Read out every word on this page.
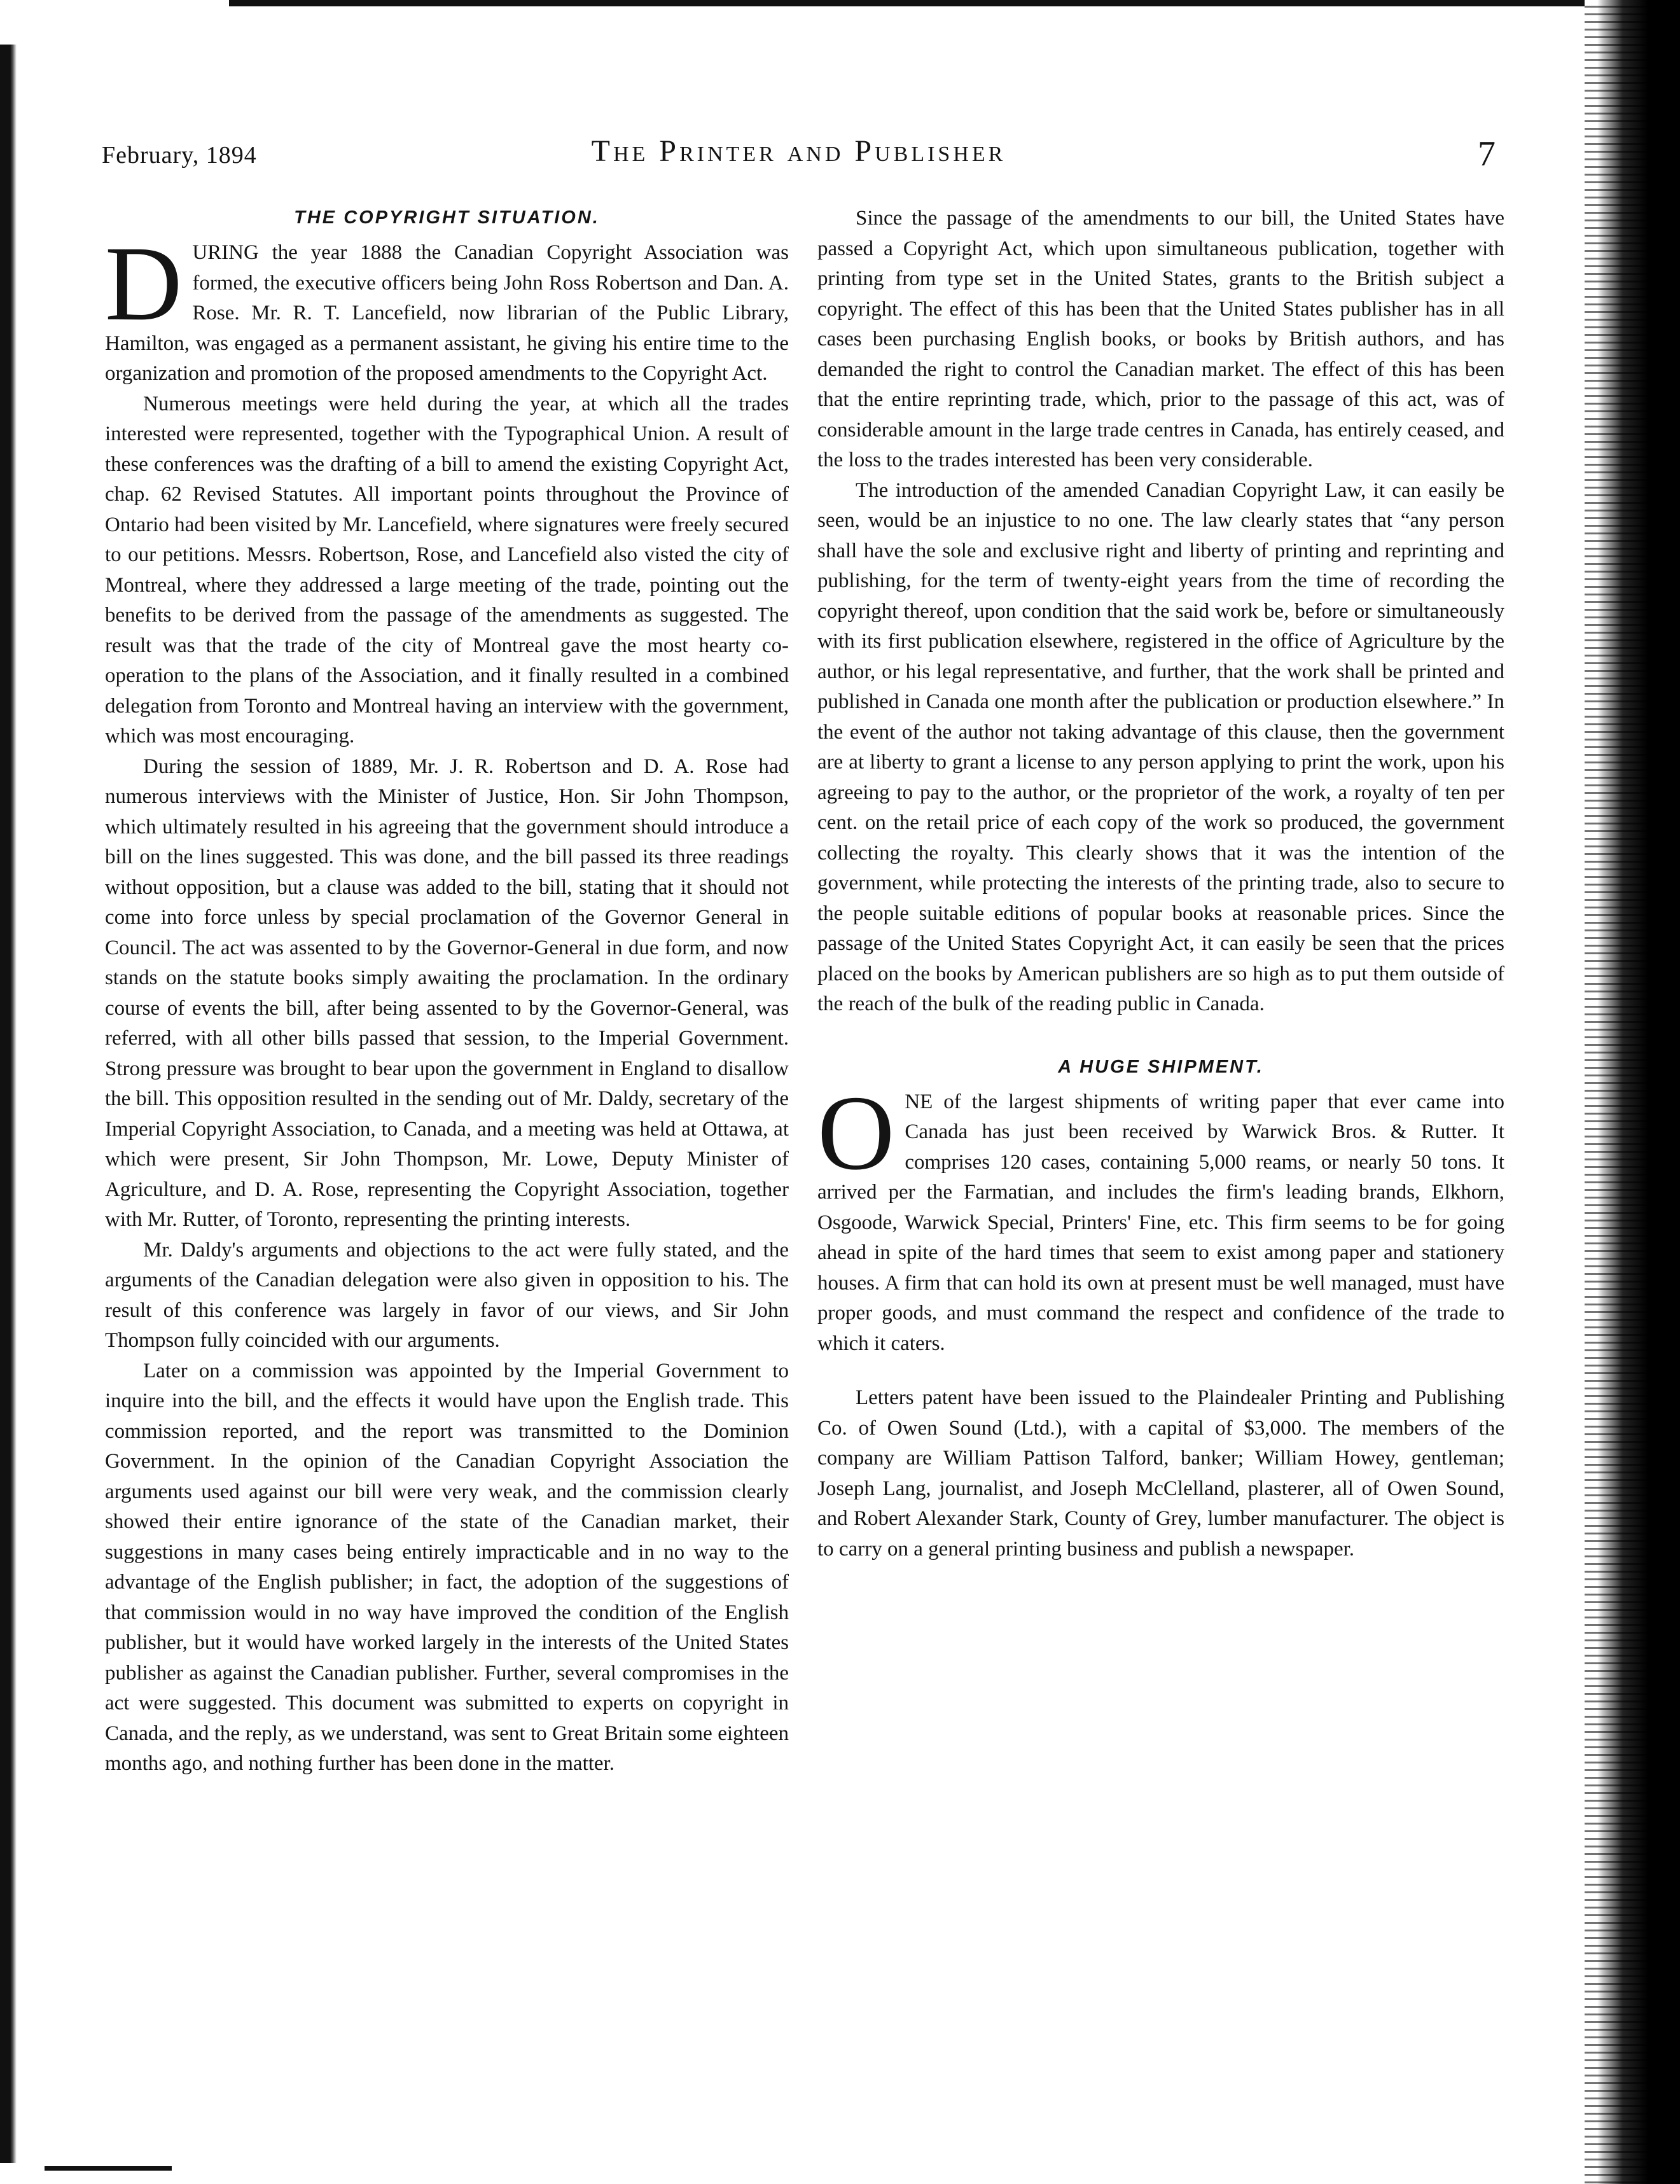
February, 1894	The Printer and Publisher	7
THE COPYRIGHT SITUATION.

DURING the year 1888 the Canadian Copyright Association was formed, the executive officers being John Ross Robertson and Dan. A. Rose. Mr. R. T. Lancefield, now librarian of the Public Library, Hamilton, was engaged as a permanent assistant, he giving his entire time to the organization and promotion of the proposed amendments to the Copyright Act.

Numerous meetings were held during the year, at which all the trades interested were represented, together with the Typographical Union. A result of these conferences was the drafting of a bill to amend the existing Copyright Act, chap. 62 Revised Statutes. All important points throughout the Province of Ontario had been visited by Mr. Lancefield, where signatures were freely secured to our petitions. Messrs. Robertson, Rose, and Lancefield also visted the city of Montreal, where they addressed a large meeting of the trade, pointing out the benefits to be derived from the passage of the amendments as suggested. The result was that the trade of the city of Montreal gave the most hearty co-operation to the plans of the Association, and it finally resulted in a combined delegation from Toronto and Montreal having an interview with the government, which was most encouraging.

During the session of 1889, Mr. J. R. Robertson and D. A. Rose had numerous interviews with the Minister of Justice, Hon. Sir John Thompson, which ultimately resulted in his agreeing that the government should introduce a bill on the lines suggested. This was done, and the bill passed its three readings without opposition, but a clause was added to the bill, stating that it should not come into force unless by special proclamation of the Governor General in Council. The act was assented to by the Governor-General in due form, and now stands on the statute books simply awaiting the proclamation. In the ordinary course of events the bill, after being assented to by the Governor-General, was referred, with all other bills passed that session, to the Imperial Government. Strong pressure was brought to bear upon the government in England to disallow the bill. This opposition resulted in the sending out of Mr. Daldy, secretary of the Imperial Copyright Association, to Canada, and a meeting was held at Ottawa, at which were present, Sir John Thompson, Mr. Lowe, Deputy Minister of Agriculture, and D. A. Rose, representing the Copyright Association, together with Mr. Rutter, of Toronto, representing the printing interests.

Mr. Daldy's arguments and objections to the act were fully stated, and the arguments of the Canadian delegation were also given in opposition to his. The result of this conference was largely in favor of our views, and Sir John Thompson fully coincided with our arguments.

Later on a commission was appointed by the Imperial Government to inquire into the bill, and the effects it would have upon the English trade. This commission reported, and the report was transmitted to the Dominion Government. In the opinion of the Canadian Copyright Association the arguments used against our bill were very weak, and the commission clearly showed their entire ignorance of the state of the Canadian market, their suggestions in many cases being entirely impracticable and in no way to the advantage of the English publisher; in fact, the adoption of the suggestions of that commission would in no way have improved the condition of the English publisher, but it would have worked largely in the interests of the United States publisher as against the Canadian publisher. Further, several compromises in the act were suggested. This document was submitted to experts on copyright in Canada, and the reply, as we understand, was sent to Great Britain some eighteen months ago, and nothing further has been done in the matter.

Since the passage of the amendments to our bill, the United States have passed a Copyright Act, which upon simultaneous publication, together with printing from type set in the United States, grants to the British subject a copyright. The effect of this has been that the United States publisher has in all cases been purchasing English books, or books by British authors, and has demanded the right to control the Canadian market. The effect of this has been that the entire reprinting trade, which, prior to the passage of this act, was of considerable amount in the large trade centres in Canada, has entirely ceased, and the loss to the trades interested has been very considerable.

The introduction of the amended Canadian Copyright Law, it can easily be seen, would be an injustice to no one. The law clearly states that “any person shall have the sole and exclusive right and liberty of printing and reprinting and publishing, for the term of twenty-eight years from the time of recording the copyright thereof, upon condition that the said work be, before or simultaneously with its first publication elsewhere, registered in the office of Agriculture by the author, or his legal representative, and further, that the work shall be printed and published in Canada one month after the publication or production elsewhere.” In the event of the author not taking advantage of this clause, then the government are at liberty to grant a license to any person applying to print the work, upon his agreeing to pay to the author, or the proprietor of the work, a royalty of ten per cent. on the retail price of each copy of the work so produced, the government collecting the royalty. This clearly shows that it was the intention of the government, while protecting the interests of the printing trade, also to secure to the people suitable editions of popular books at reasonable prices. Since the passage of the United States Copyright Act, it can easily be seen that the prices placed on the books by American publishers are so high as to put them outside of the reach of the bulk of the reading public in Canada.

A HUGE SHIPMENT.

ONE of the largest shipments of writing paper that ever came into Canada has just been received by Warwick Bros. & Rutter. It comprises 120 cases, containing 5,000 reams, or nearly 50 tons. It arrived per the Farmatian, and includes the firm's leading brands, Elkhorn, Osgoode, Warwick Special, Printers' Fine, etc. This firm seems to be for going ahead in spite of the hard times that seem to exist among paper and stationery houses. A firm that can hold its own at present must be well managed, must have proper goods, and must command the respect and confidence of the trade to which it caters.

Letters patent have been issued to the Plaindealer Printing and Publishing Co. of Owen Sound (Ltd.), with a capital of $3,000. The members of the company are William Pattison Talford, banker; William Howey, gentleman; Joseph Lang, journalist, and Joseph McClelland, plasterer, all of Owen Sound, and Robert Alexander Stark, County of Grey, lumber manufacturer. The object is to carry on a general printing business and publish a newspaper.
